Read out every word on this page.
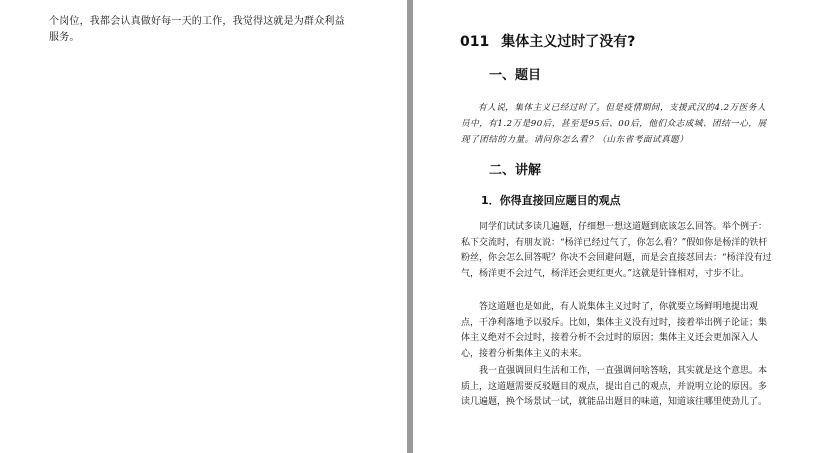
个岗位，我都会认真做好每一天的工作，我觉得这就是为群众利益服务。	011 集体主义过时了没有?
一、题目

有人说，集体主义已经过时了。但是疫情期间，支援武汉的4.2万医务人员中，有1.2万是90后，甚至是95后、00后，他们众志成城、团结一心，展现了团结的力量。请问你怎么看？（山东省考面试真题）

二、讲解
1．你得直接回应题目的观点

同学们试试多读几遍题，仔细想一想这道题到底该怎么回答。举个例子：私下交流时，有朋友说：“杨洋已经过气了，你怎么看？”假如你是杨洋的铁杆粉丝，你会怎么回答呢？你决不会回避问题，而是会直接怼回去：“杨洋没有过气，杨洋更不会过气，杨洋还会更红更火。”这就是针锋相对，寸步不让。

答这道题也是如此，有人说集体主义过时了，你就要立场鲜明地提出观点，干净利落地予以驳斥。比如，集体主义没有过时，接着举出例子论证；集体主义绝对不会过时，接着分析不会过时的原因；集体主义还会更加深入人心，接着分析集体主义的未来。

我一直强调回归生活和工作，一直强调问啥答啥，其实就是这个意思。本质上，这道题需要反驳题目的观点，提出自己的观点，并说明立论的原因。多读几遍题，换个场景试一试，就能品出题目的味道，知道该往哪里使劲儿了。
